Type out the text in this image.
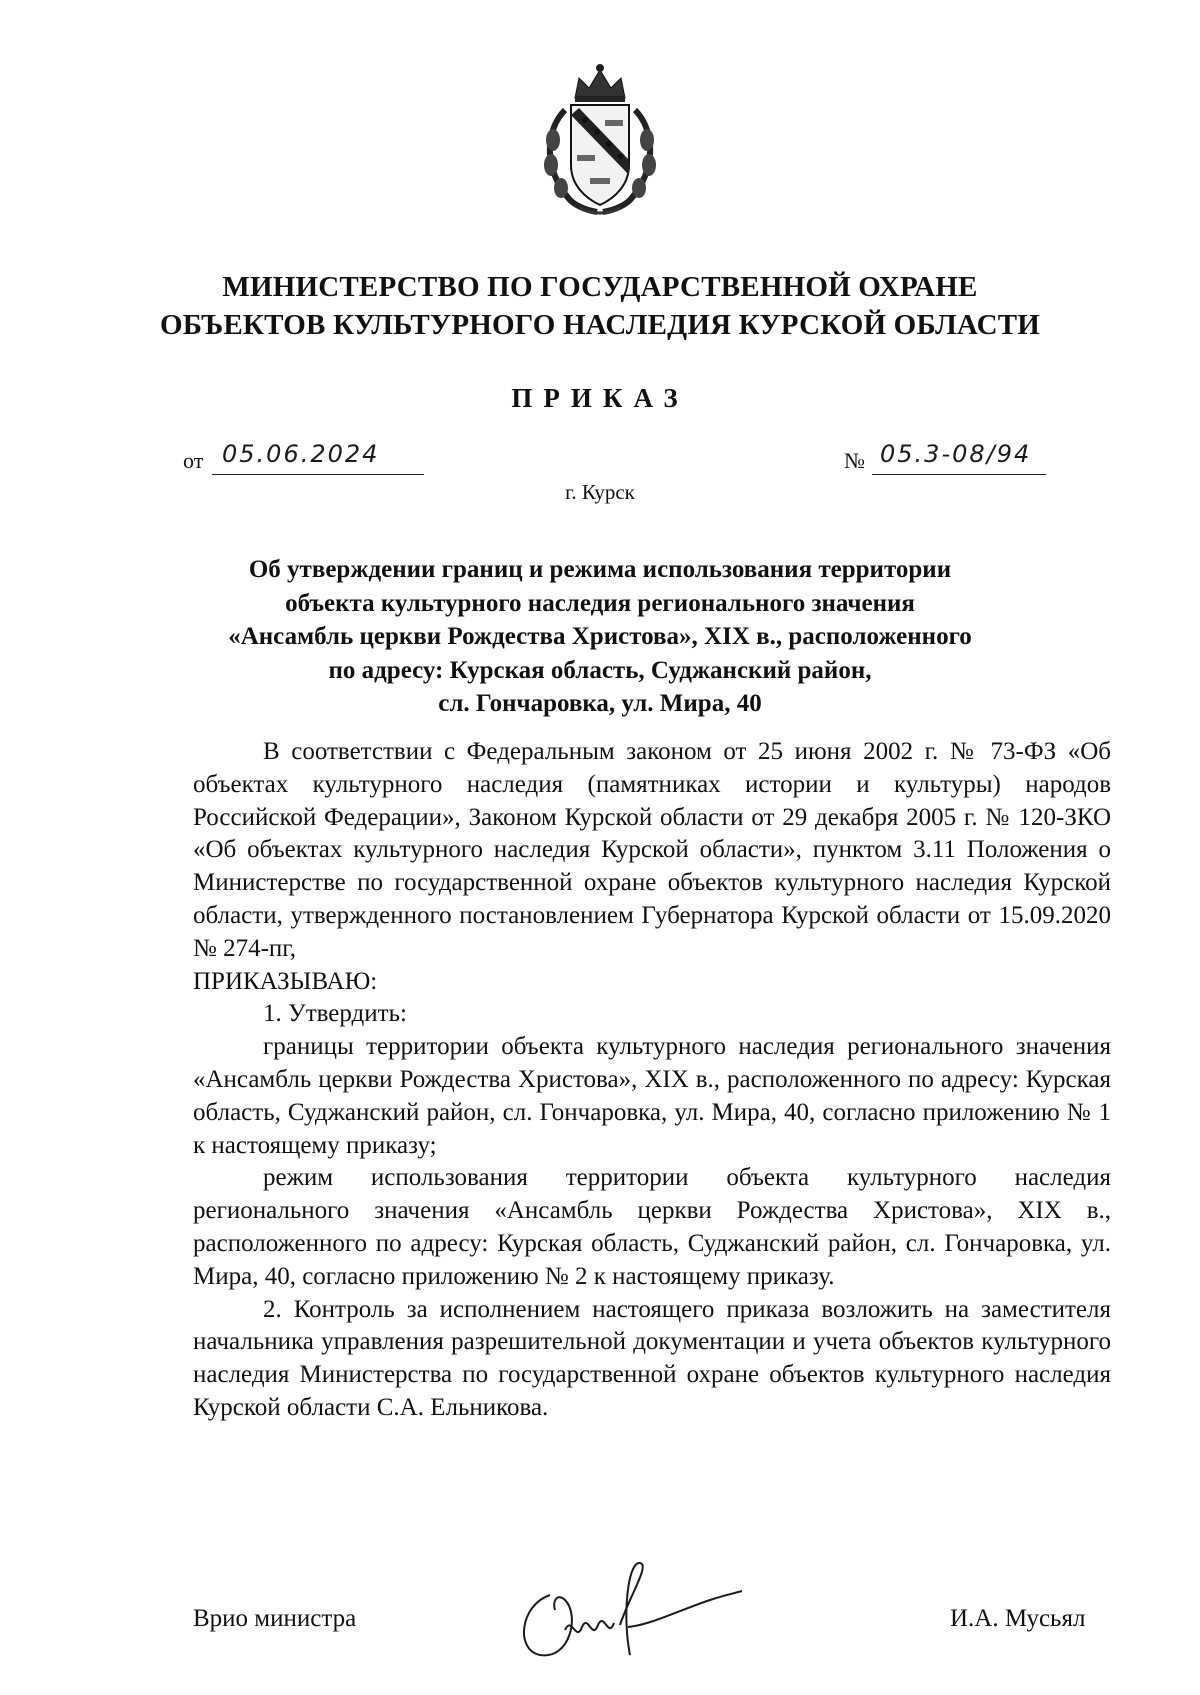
МИНИСТЕРСТВО ПО ГОСУДАРСТВЕННОЙ ОХРАНЕ
ОБЪЕКТОВ КУЛЬТУРНОГО НАСЛЕДИЯ КУРСКОЙ ОБЛАСТИ
ПРИКАЗ
от 05.06.2024	№ 05.3-08/94
г. Курск
Об утверждении границ и режима использования территории
объекта культурного наследия регионального значения
«Ансамбль церкви Рождества Христова», XIX в., расположенного
по адресу: Курская область, Суджанский район,
сл. Гончаровка, ул. Мира, 40

В соответствии с Федеральным законом от 25 июня 2002 г. № 73-ФЗ «Об объектах культурного наследия (памятниках истории и культуры) народов Российской Федерации», Законом Курской области от 29 декабря 2005 г. № 120-ЗКО «Об объектах культурного наследия Курской области», пунктом 3.11 Положения о Министерстве по государственной охране объектов культурного наследия Курской области, утвержденного постановлением Губернатора Курской области от 15.09.2020 № 274-пг,

ПРИКАЗЫВАЮ:

1. Утвердить:

границы территории объекта культурного наследия регионального значения «Ансамбль церкви Рождества Христова», XIX в., расположенного по адресу: Курская область, Суджанский район, сл. Гончаровка, ул. Мира, 40, согласно приложению № 1 к настоящему приказу;

режим использования территории объекта культурного наследия регионального значения «Ансамбль церкви Рождества Христова», XIX в., расположенного по адресу: Курская область, Суджанский район, сл. Гончаровка, ул. Мира, 40, согласно приложению № 2 к настоящему приказу.

2. Контроль за исполнением настоящего приказа возложить на заместителя начальника управления разрешительной документации и учета объектов культурного наследия Министерства по государственной охране объектов культурного наследия Курской области С.А. Ельникова.

Врио министра	И.А. Мусьял
